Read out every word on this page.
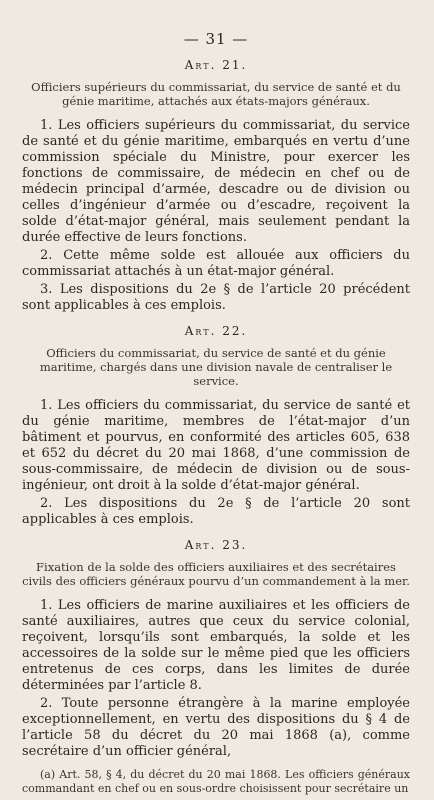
— 31 —
Art. 21.
Officiers supérieurs du commissariat, du service de santé et du génie maritime, attachés aux états-majors généraux.

1. Les officiers supérieurs du commissariat, du service de santé et du génie maritime, embarqués en vertu d’une commission spéciale du Ministre, pour exercer les fonctions de commissaire, de médecin en chef ou de médecin principal d’armée, descadre ou de division ou celles d’ingénieur d’armée ou d’escadre, reçoivent la solde d’état-major général, mais seulement pendant la durée effective de leurs fonctions.

2. Cette même solde est allouée aux officiers du commissariat attachés à un état-major général.

3. Les dispositions du 2e § de l’article 20 précédent sont applicables à ces emplois.

Art. 22.
Officiers du commissariat, du service de santé et du génie maritime, chargés dans une division navale de centraliser le service.

1. Les officiers du commissariat, du service de santé et du génie maritime, membres de l’état-major d’un bâtiment et pourvus, en conformité des articles 605, 638 et 652 du décret du 20 mai 1868, d’une commission de sous-commissaire, de médecin de division ou de sous-ingénieur, ont droit à la solde d’état-major général.

2. Les dispositions du 2e § de l’article 20 sont applicables à ces emplois.

Art. 23.
Fixation de la solde des officiers auxiliaires et des secrétaires civils des officiers généraux pourvu d’un commandement à la mer.

1. Les officiers de marine auxiliaires et les officiers de santé auxiliaires, autres que ceux du service colonial, reçoivent, lorsqu’ils sont embarqués, la solde et les accessoires de la solde sur le même pied que les officiers entretenus de ces corps, dans les limites de durée déterminées par l’article 8.

2. Toute personne étrangère à la marine employée exceptionnellement, en vertu des dispositions du § 4 de l’article 58 du décret du 20 mai 1868 (a), comme secrétaire d’un officier général,

(a) Art. 58, § 4, du décret du 20 mai 1868. Les officiers généraux commandant en chef ou en sous-ordre choisissent pour secrétaire un
